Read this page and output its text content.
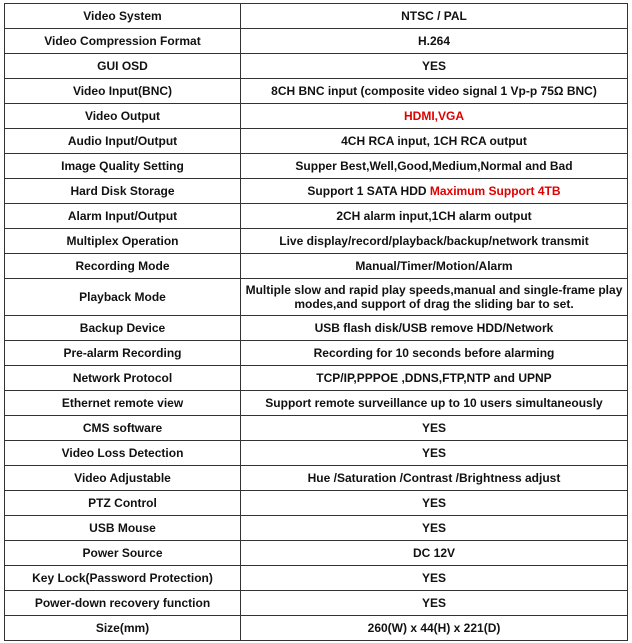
Video System	NTSC / PAL
Video Compression Format	H.264
GUI OSD	YES
Video Input(BNC)	8CH BNC input (composite video signal 1 Vp-p 75Ω BNC)
Video Output	HDMI,VGA
Audio Input/Output	4CH RCA input, 1CH RCA output
Image Quality Setting	Supper Best,Well,Good,Medium,Normal and Bad
Hard Disk Storage	Support 1 SATA HDD Maximum Support 4TB
Alarm Input/Output	2CH alarm input,1CH alarm output
Multiplex Operation	Live display/record/playback/backup/network transmit
Recording Mode	Manual/Timer/Motion/Alarm
Playback Mode	Multiple slow and rapid play speeds,manual and single-frame play modes,and support of drag the sliding bar to set.
Backup Device	USB flash disk/USB remove HDD/Network
Pre-alarm Recording	Recording for 10 seconds before alarming
Network Protocol	TCP/IP,PPPOE ,DDNS,FTP,NTP and UPNP
Ethernet remote view	Support remote surveillance up to 10 users simultaneously
CMS software	YES
Video Loss Detection	YES
Video Adjustable	Hue /Saturation /Contrast /Brightness adjust
PTZ Control	YES
USB Mouse	YES
Power Source	DC 12V
Key Lock(Password Protection)	YES
Power-down recovery function	YES
Size(mm)	260(W) x 44(H) x 221(D)
